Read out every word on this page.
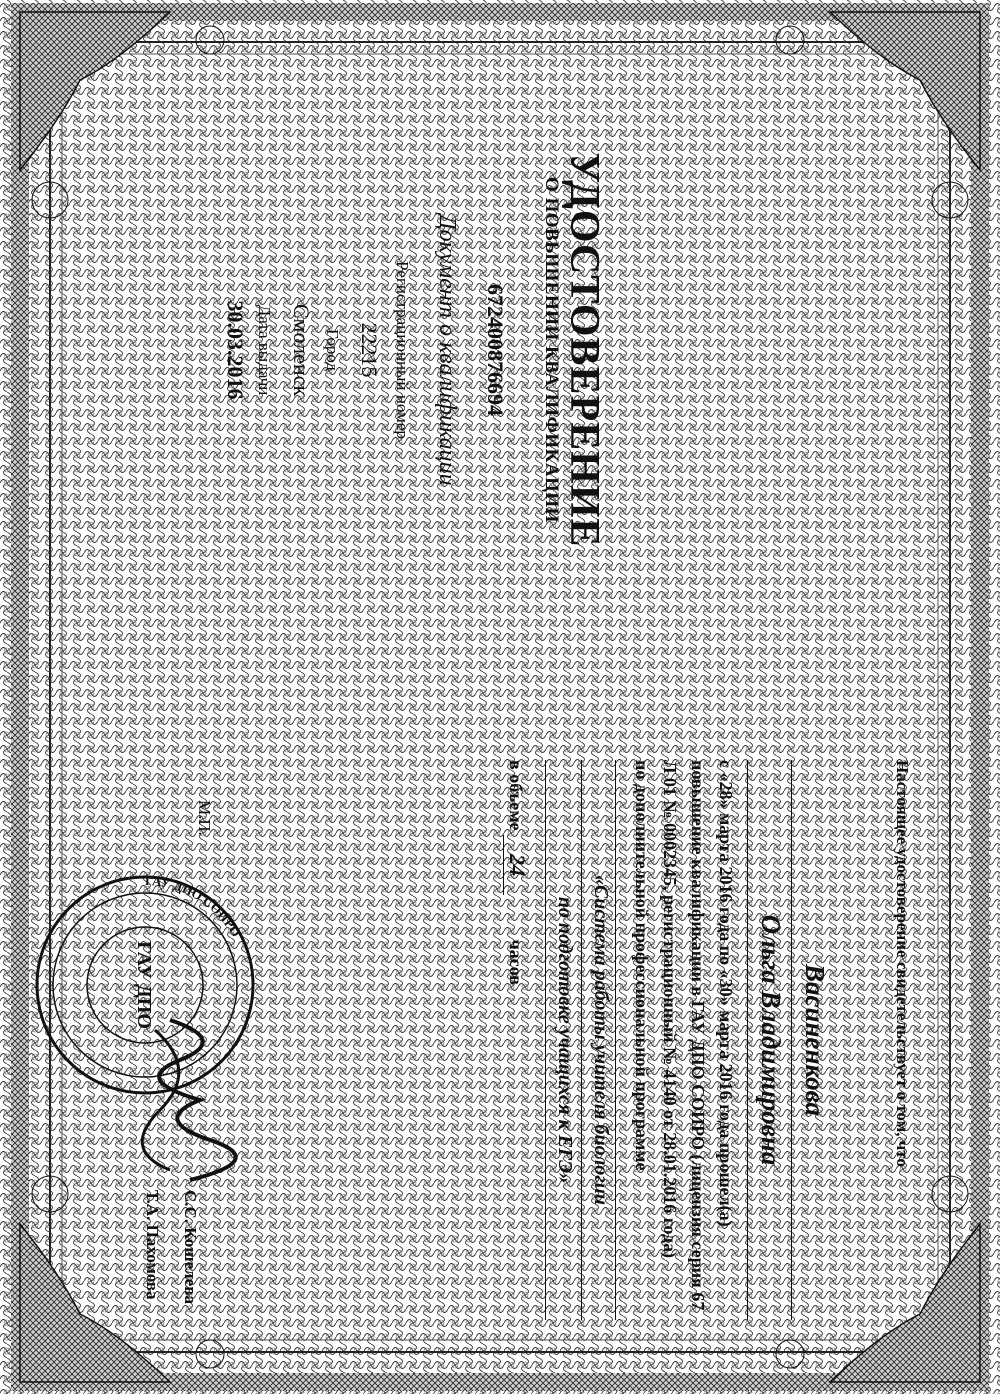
УДОСТОВЕРЕНИЕ
О ПОВЫШЕНИИ КВАЛИФИКАЦИИ
672400876694
Документ о квалификации
Регистрационный номер
22215
Город
Смоленск
Дата выдачи
30.03.2016
Настоящее удостоверение свидетельствует о том, что
Васиненкова
Ольга Владимировна
с «28» марта 2016 года по «30» марта 2016 года прошел(а)
повышение квалификации в ГАУ ДПО СОИРО (лицензия серия 67
Л 01 № 0002345, регистрационный № 4140 от 28.01.2016 года)
по дополнительной профессиональной программе
«Система работы учителя биологии
по подготовке учащихся к ЕГЭ»
в объеме 24 часов
М.П.
ГАУ ДПО СОИРО
ГАУ ДПО
С.С. Кошелева
Т.А. Пахомова
